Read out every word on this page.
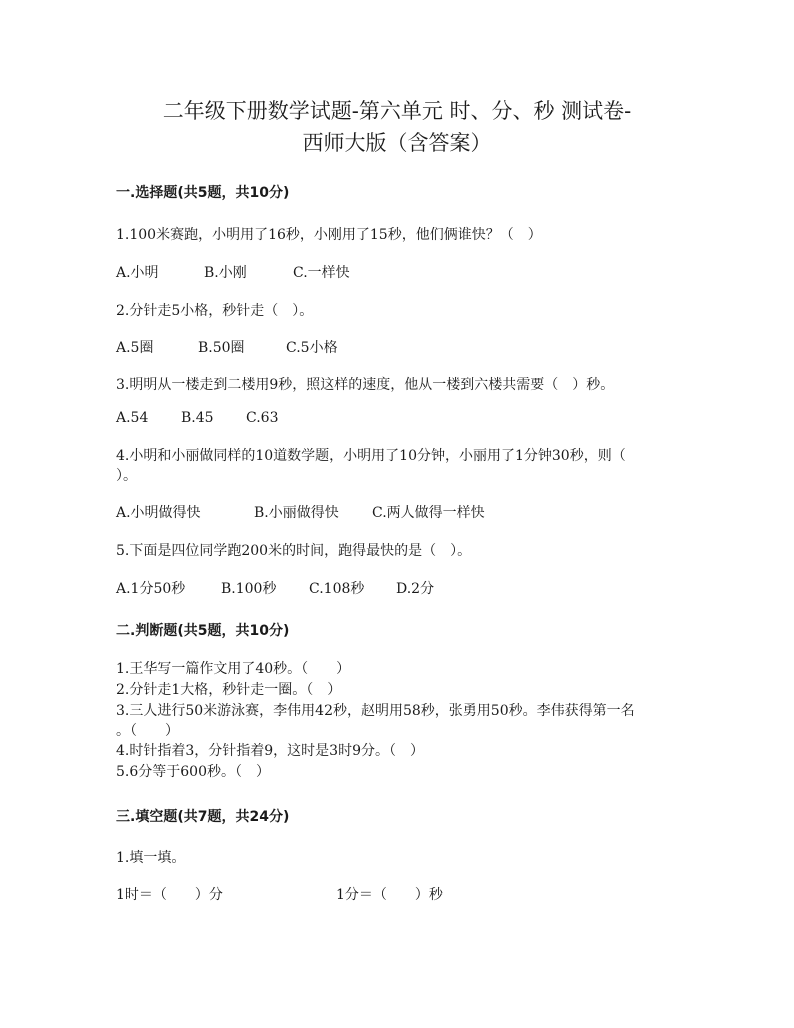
二年级下册数学试题-第六单元 时、分、秒 测试卷-
西师大版（含答案）
一.选择题(共5题，共10分)
1.100米赛跑，小明用了16秒，小刚用了15秒，他们俩谁快？（　）
A.小明	B.小刚	C.一样快
2.分针走5小格，秒针走（　）。
A.5圈	B.50圈	C.5小格
3.明明从一楼走到二楼用9秒，照这样的速度，他从一楼到六楼共需要（　）秒。
A.54 B.45 C.63
4.小明和小丽做同样的10道数学题，小明用了10分钟，小丽用了1分钟30秒，则（
）。
A.小明做得快	B.小丽做得快 C.两人做得一样快
5.下面是四位同学跑200米的时间，跑得最快的是（　）。
A.1分50秒	B.100秒 C.108秒 D.2分
二.判断题(共5题，共10分)
1.王华写一篇作文用了40秒。（　　）
2.分针走1大格，秒针走一圈。（　）
3.三人进行50米游泳赛，李伟用42秒，赵明用58秒，张勇用50秒。李伟获得第一名
。（　　）
4.时针指着3，分针指着9，这时是3时9分。（　）
5.6分等于600秒。（　）
三.填空题(共7题，共24分)
1.填一填。
1时＝（　　）分	1分＝（　　）秒
